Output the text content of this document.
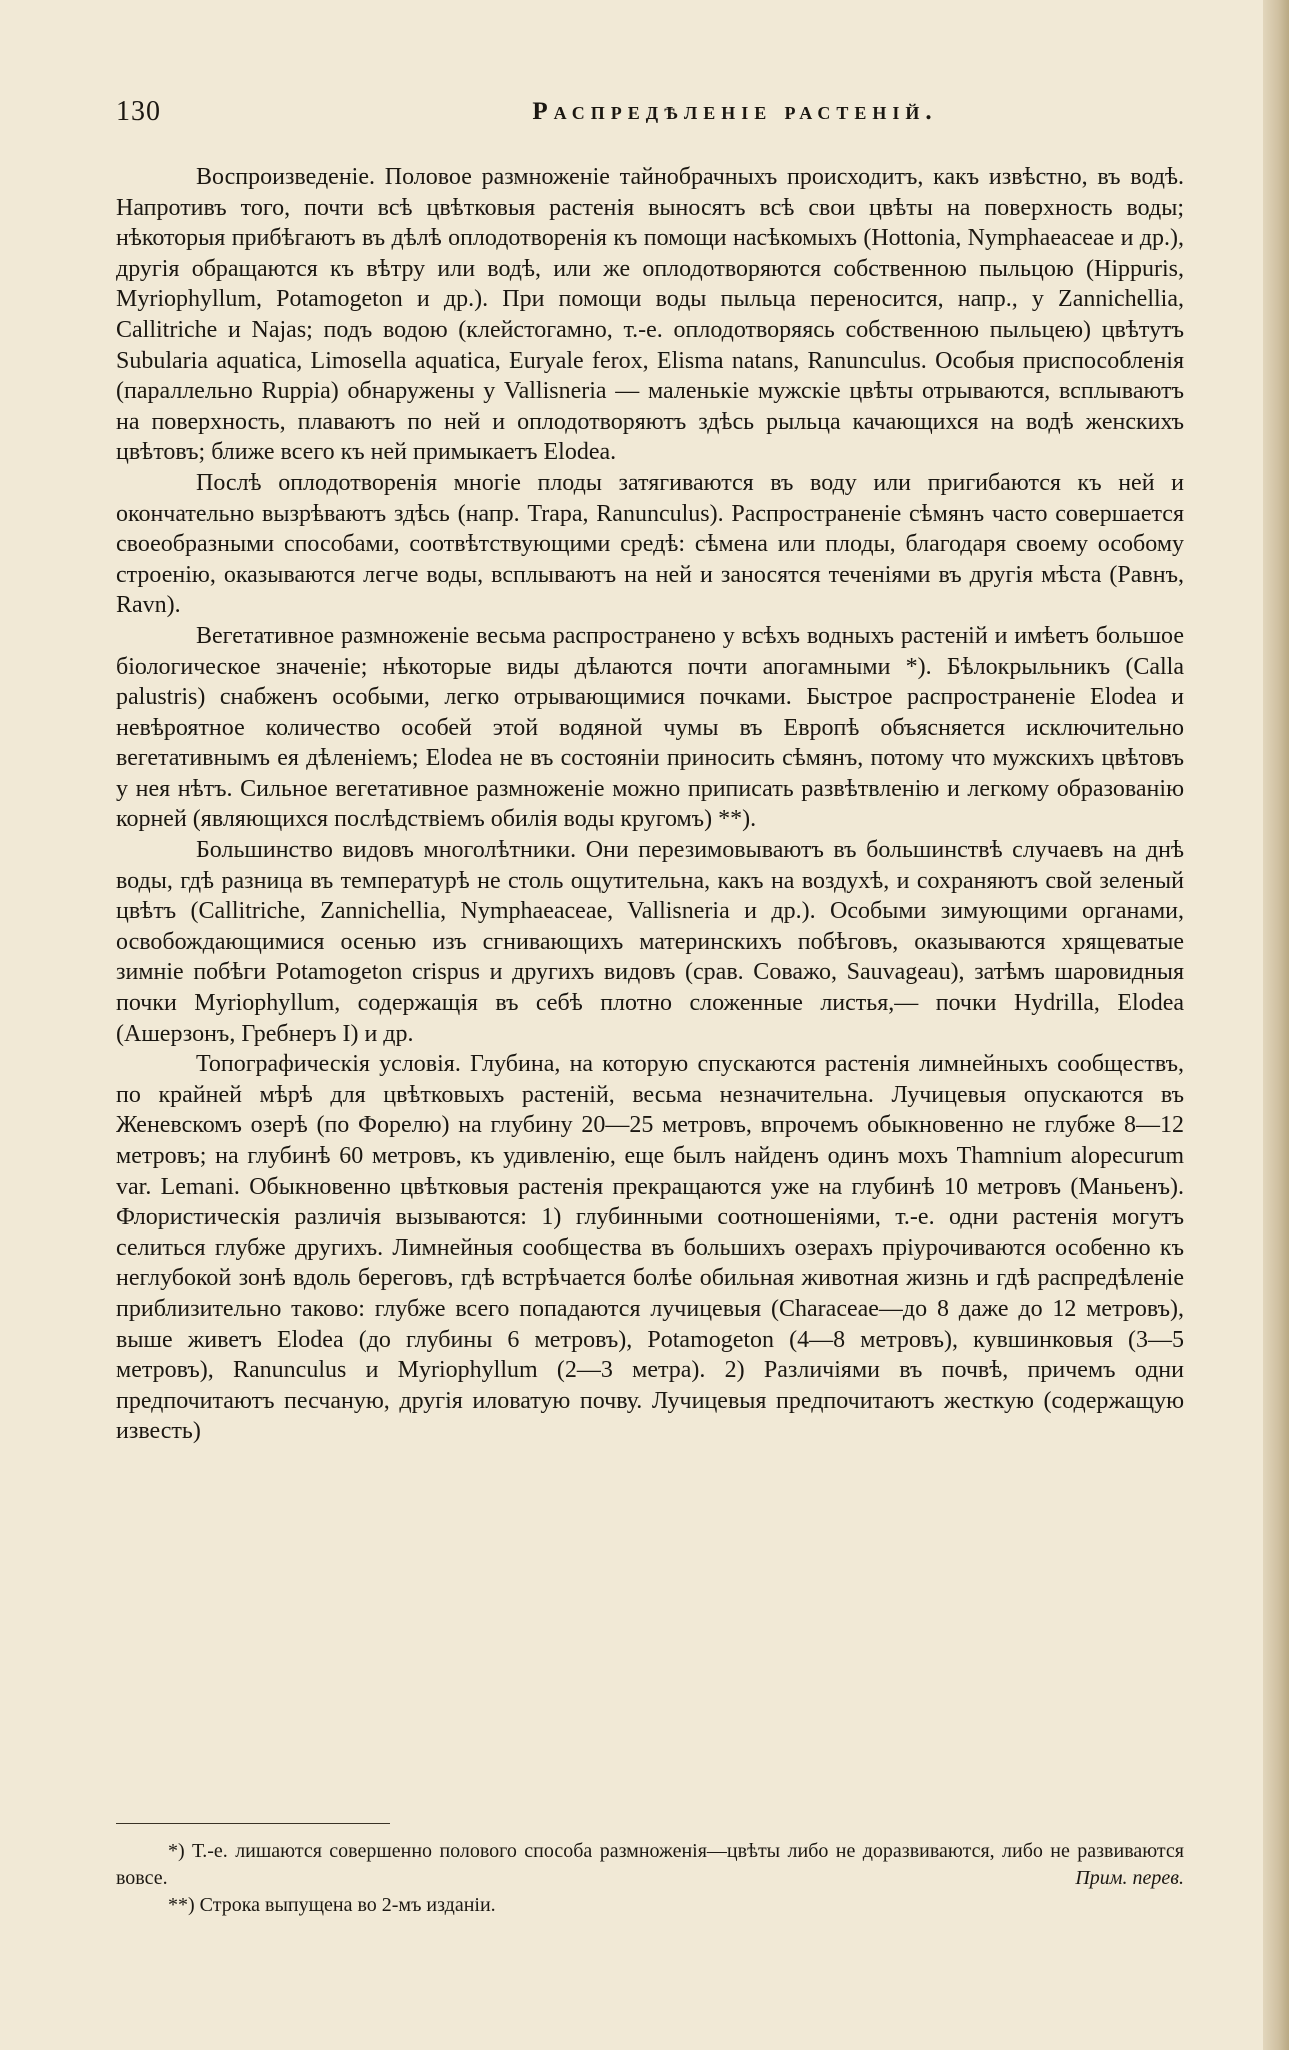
130	Распредѣленіе растеній.

Воспроизведеніе. Половое размноженіе тайнобрачныхъ происходитъ, какъ извѣстно, въ водѣ. Напротивъ того, почти всѣ цвѣтковыя растенія выносятъ всѣ свои цвѣты на поверхность воды; нѣкоторыя прибѣгаютъ въ дѣлѣ оплодотворенія къ помощи насѣкомыхъ (Hottonia, Nymphaeaceae и др.), другія обращаются къ вѣтру или водѣ, или же оплодотворяются собственною пыльцою (Hippuris, Myriophyllum, Potamogeton и др.). При помощи воды пыльца переносится, напр., у Zannichellia, Callitriche и Najas; подъ водою (клейстогамно, т.-е. оплодотворяясь собственною пыльцею) цвѣтутъ Subularia aquatica, Limosella aquatica, Euryale ferox, Elisma natans, Ranunculus. Особыя приспособленія (параллельно Ruppia) обнаружены у Vallisneria — маленькіе мужскіе цвѣты отрываются, всплываютъ на поверхность, плаваютъ по ней и оплодотворяютъ здѣсь рыльца качающихся на водѣ женскихъ цвѣтовъ; ближе всего къ ней примыкаетъ Elodea.

Послѣ оплодотворенія многіе плоды затягиваются въ воду или пригибаются къ ней и окончательно вызрѣваютъ здѣсь (напр. Trapa, Ranunculus). Распространеніе сѣмянъ часто совершается своеобразными способами, соотвѣтствующими средѣ: сѣмена или плоды, благодаря своему особому строенію, оказываются легче воды, всплываютъ на ней и заносятся теченіями въ другія мѣста (Равнъ, Ravn).

Вегетативное размноженіе весьма распространено у всѣхъ водныхъ растеній и имѣетъ большое біологическое значеніе; нѣкоторые виды дѣлаются почти апогамными *). Бѣлокрыльникъ (Calla palustris) снабженъ особыми, легко отрывающимися почками. Быстрое распространеніе Elodea и невѣроятное количество особей этой водяной чумы въ Европѣ объясняется исключительно вегетативнымъ ея дѣленіемъ; Elodea не въ состояніи приносить сѣмянъ, потому что мужскихъ цвѣтовъ у нея нѣтъ. Сильное вегетативное размноженіе можно приписать развѣтвленію и легкому образованію корней (являющихся послѣдствіемъ обилія воды кругомъ) **).

Большинство видовъ многолѣтники. Они перезимовываютъ въ большинствѣ случаевъ на днѣ воды, гдѣ разница въ температурѣ не столь ощутительна, какъ на воздухѣ, и сохраняютъ свой зеленый цвѣтъ (Callitriche, Zannichellia, Nymphaeaceae, Vallisneria и др.). Особыми зимующими органами, освобождающимися осенью изъ сгнивающихъ материнскихъ побѣговъ, оказываются хрящеватые зимніе побѣги Potamogeton crispus и другихъ видовъ (срав. Соважо, Sauvageau), затѣмъ шаровидныя почки Myriophyllum, содержащія въ себѣ плотно сложенные листья,— почки Hydrilla, Elodea (Ашерзонъ, Гребнеръ I) и др.

Топографическія условія. Глубина, на которую спускаются растенія лимнейныхъ сообществъ, по крайней мѣрѣ для цвѣтковыхъ растеній, весьма незначительна. Лучицевыя опускаются въ Женевскомъ озерѣ (по Форелю) на глубину 20—25 метровъ, впрочемъ обыкновенно не глубже 8—12 метровъ; на глубинѣ 60 метровъ, къ удивленію, еще былъ найденъ одинъ мохъ Thamnium alopecurum var. Lemani. Обыкновенно цвѣтковыя растенія прекращаются уже на глубинѣ 10 метровъ (Маньенъ). Флористическія различія вызываются: 1) глубинными соотношеніями, т.-е. одни растенія могутъ селиться глубже другихъ. Лимнейныя сообщества въ большихъ озерахъ пріурочиваются особенно къ неглубокой зонѣ вдоль береговъ, гдѣ встрѣчается болѣе обильная животная жизнь и гдѣ распредѣленіе приблизительно таково: глубже всего попадаются лучицевыя (Characeae—до 8 даже до 12 метровъ), выше живетъ Elodea (до глубины 6 метровъ), Potamogeton (4—8 метровъ), кувшинковыя (3—5 метровъ), Ranunculus и Myriophyllum (2—3 метра). 2) Различіями въ почвѣ, причемъ одни предпочитаютъ песчаную, другія иловатую почву. Лучицевыя предпочитаютъ жесткую (содержащую известь)

*) Т.-е. лишаются совершенно полового способа размноженія—цвѣты либо не доразвиваются, либо не развиваются вовсе.	Прим. перев.

**) Строка выпущена во 2-мъ изданіи.
